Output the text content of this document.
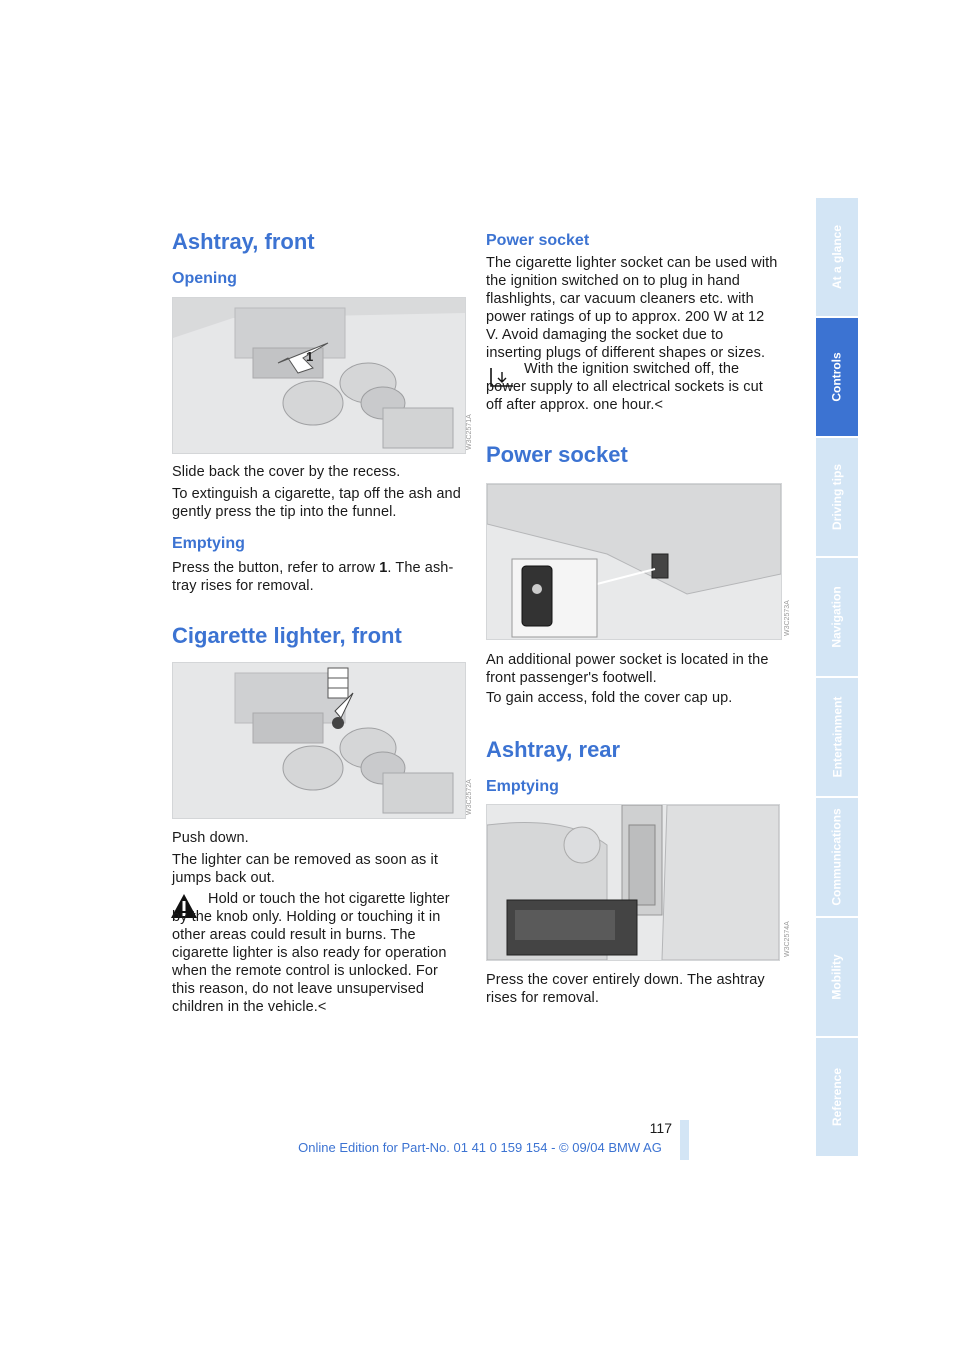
Ashtray, front
Opening
1
W3C2571A

Slide back the cover by the recess.

To extinguish a cigarette, tap off the ash and gently press the tip into the funnel.

Emptying

Press the button, refer to arrow 1. The ash-tray rises for removal.

Cigarette lighter, front
W3C2572A

Push down.

The lighter can be removed as soon as it jumps back out.

Hold or touch the hot cigarette lighter by the knob only. Holding or touching it in other areas could result in burns. The cigarette lighter is also ready for operation when the remote control is unlocked. For this reason, do not leave unsupervised children in the vehicle.<

Power socket

The cigarette lighter socket can be used with the ignition switched on to plug in hand flashlights, car vacuum cleaners etc. with power ratings of up to approx. 200 W at 12 V. Avoid damaging the socket due to inserting plugs of different shapes or sizes.

With the ignition switched off, the power supply to all electrical sockets is cut off after approx. one hour.<

Power socket
W3C2573A

An additional power socket is located in the front passenger's footwell.

To gain access, fold the cover cap up.

Ashtray, rear
Emptying
W3C2574A

Press the cover entirely down. The ashtray rises for removal.

At a glance
Controls
Driving tips
Navigation
Entertainment
Communications
Mobility
Reference
117
Online Edition for Part-No. 01 41 0 159 154 - © 09/04 BMW AG
